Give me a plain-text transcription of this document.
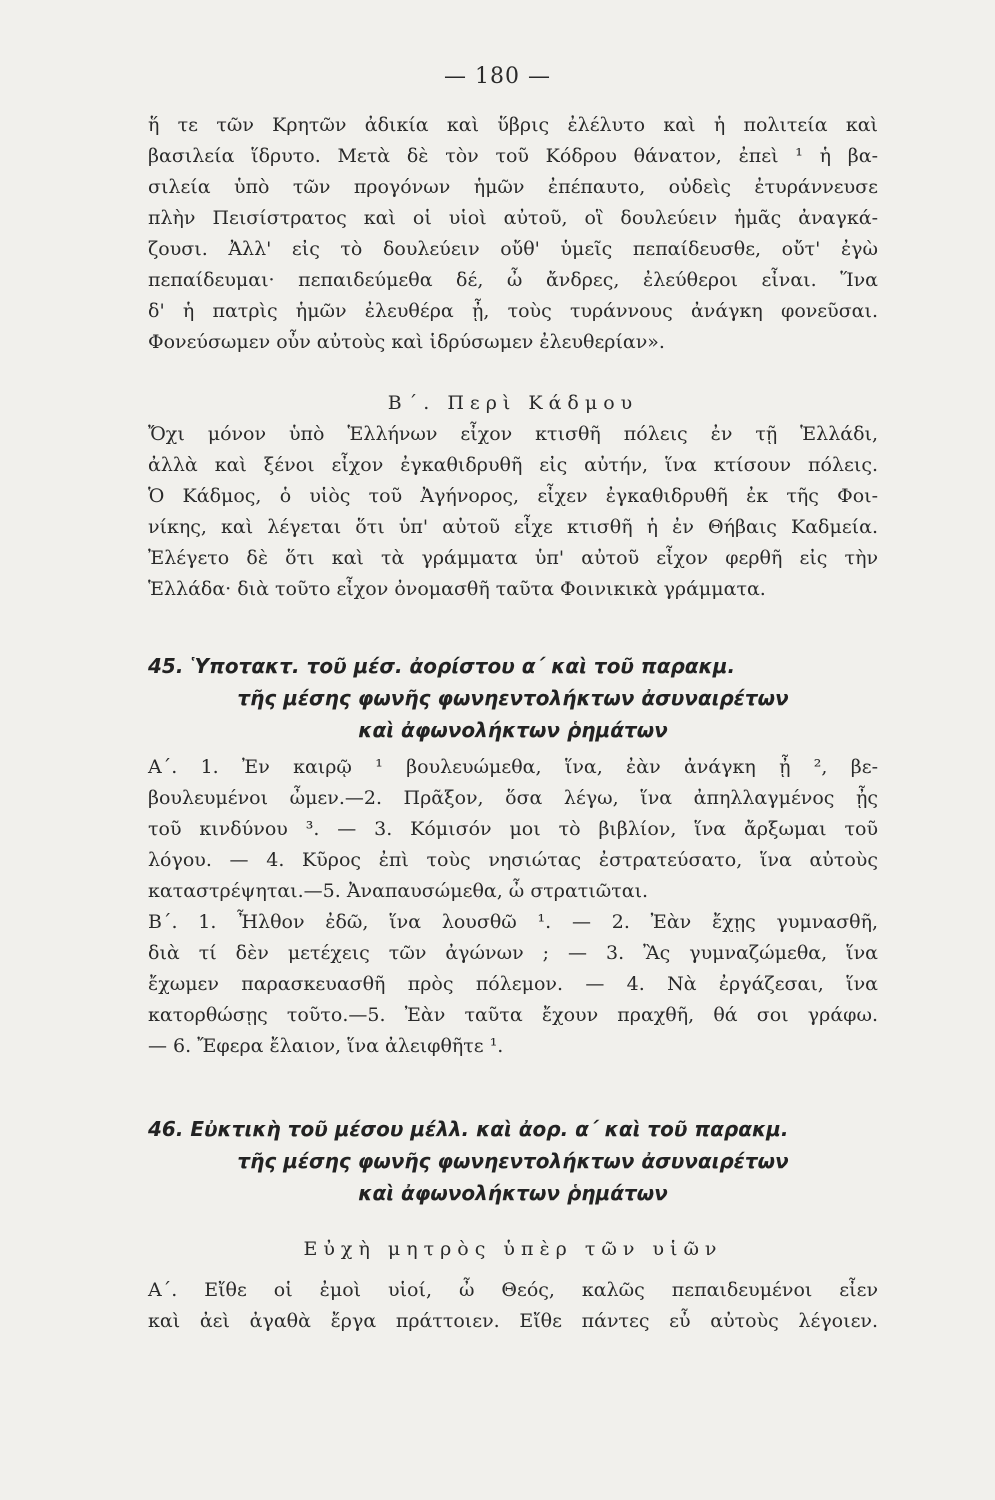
— 180 —
ἥ τε τῶν Κρητῶν ἀδικία καὶ ὕβρις ἐλέλυτο καὶ ἡ πολιτεία καὶ
βασιλεία ἵδρυτο. Μετὰ δὲ τὸν τοῦ Κόδρου θάνατον, ἐπεὶ ¹ ἡ βα-
σιλεία ὑπὸ τῶν προγόνων ἡμῶν ἐπέπαυτο, οὐδεὶς ἐτυράννευσε
πλὴν Πεισίστρατος καὶ οἱ υἱοὶ αὐτοῦ, οἳ δουλεύειν ἡμᾶς ἀναγκά-
ζουσι. Ἀλλ' εἰς τὸ δουλεύειν οὔθ' ὑμεῖς πεπαίδευσθε, οὔτ' ἐγὼ
πεπαίδευμαι· πεπαιδεύμεθα δέ, ὦ ἄνδρες, ἐλεύθεροι εἶναι. Ἵνα
δ' ἡ πατρὶς ἡμῶν ἐλευθέρα ᾖ, τοὺς τυράννους ἀνάγκη φονεῦσαι.
Φονεύσωμεν οὖν αὐτοὺς καὶ ἱδρύσωμεν ἐλευθερίαν».
Β΄. Περὶ Κάδμου
Ὄχι μόνον ὑπὸ Ἑλλήνων εἶχον κτισθῆ πόλεις ἐν τῇ Ἑλλάδι,
ἀλλὰ καὶ ξένοι εἶχον ἐγκαθιδρυθῆ εἰς αὐτήν, ἵνα κτίσουν πόλεις.
Ὁ Κάδμος, ὁ υἱὸς τοῦ Ἀγήνορος, εἶχεν ἐγκαθιδρυθῆ ἐκ τῆς Φοι-
νίκης, καὶ λέγεται ὅτι ὑπ' αὐτοῦ εἶχε κτισθῆ ἡ ἐν Θήβαις Καδμεία.
Ἐλέγετο δὲ ὅτι καὶ τὰ γράμματα ὑπ' αὐτοῦ εἶχον φερθῆ εἰς τὴν
Ἑλλάδα· διὰ τοῦτο εἶχον ὀνομασθῆ ταῦτα Φοινικικὰ γράμματα.
45. Ὑποτακτ. τοῦ μέσ. ἀορίστου α΄ καὶ τοῦ παρακμ.
τῆς μέσης φωνῆς φωνηεντολήκτων ἀσυναιρέτων
καὶ ἀφωνολήκτων ῥημάτων
Α΄. 1. Ἐν καιρῷ ¹ βουλευώμεθα, ἵνα, ἐὰν ἀνάγκη ᾖ ², βε-
βουλευμένοι ὦμεν.—2. Πρᾶξον, ὅσα λέγω, ἵνα ἀπηλλαγμένος ᾖς
τοῦ κινδύνου ³. — 3. Κόμισόν μοι τὸ βιβλίον, ἵνα ἄρξωμαι τοῦ
λόγου. — 4. Κῦρος ἐπὶ τοὺς νησιώτας ἐστρατεύσατο, ἵνα αὐτοὺς
καταστρέψηται.—5. Ἀναπαυσώμεθα, ὦ στρατιῶται.
Β΄. 1. Ἦλθον ἐδῶ, ἵνα λουσθῶ ¹. — 2. Ἐὰν ἔχῃς γυμνασθῆ,
διὰ τί δὲν μετέχεις τῶν ἀγώνων ; — 3. Ἂς γυμναζώμεθα, ἵνα
ἔχωμεν παρασκευασθῆ πρὸς πόλεμον. — 4. Νὰ ἐργάζεσαι, ἵνα
κατορθώσῃς τοῦτο.—5. Ἐὰν ταῦτα ἔχουν πραχθῆ, θά σοι γράφω.
— 6. Ἔφερα ἔλαιον, ἵνα ἀλειφθῆτε ¹.
46. Εὐκτικὴ τοῦ μέσου μέλλ. καὶ ἀορ. α΄ καὶ τοῦ παρακμ.
τῆς μέσης φωνῆς φωνηεντολήκτων ἀσυναιρέτων
καὶ ἀφωνολήκτων ῥημάτων
Εὐχὴ μητρὸς ὑπὲρ τῶν υἱῶν
Α΄. Εἴθε οἱ ἐμοὶ υἱοί, ὦ Θεός, καλῶς πεπαιδευμένοι εἶεν
καὶ ἀεὶ ἀγαθὰ ἔργα πράττοιεν. Εἴθε πάντες εὖ αὐτοὺς λέγοιεν.
